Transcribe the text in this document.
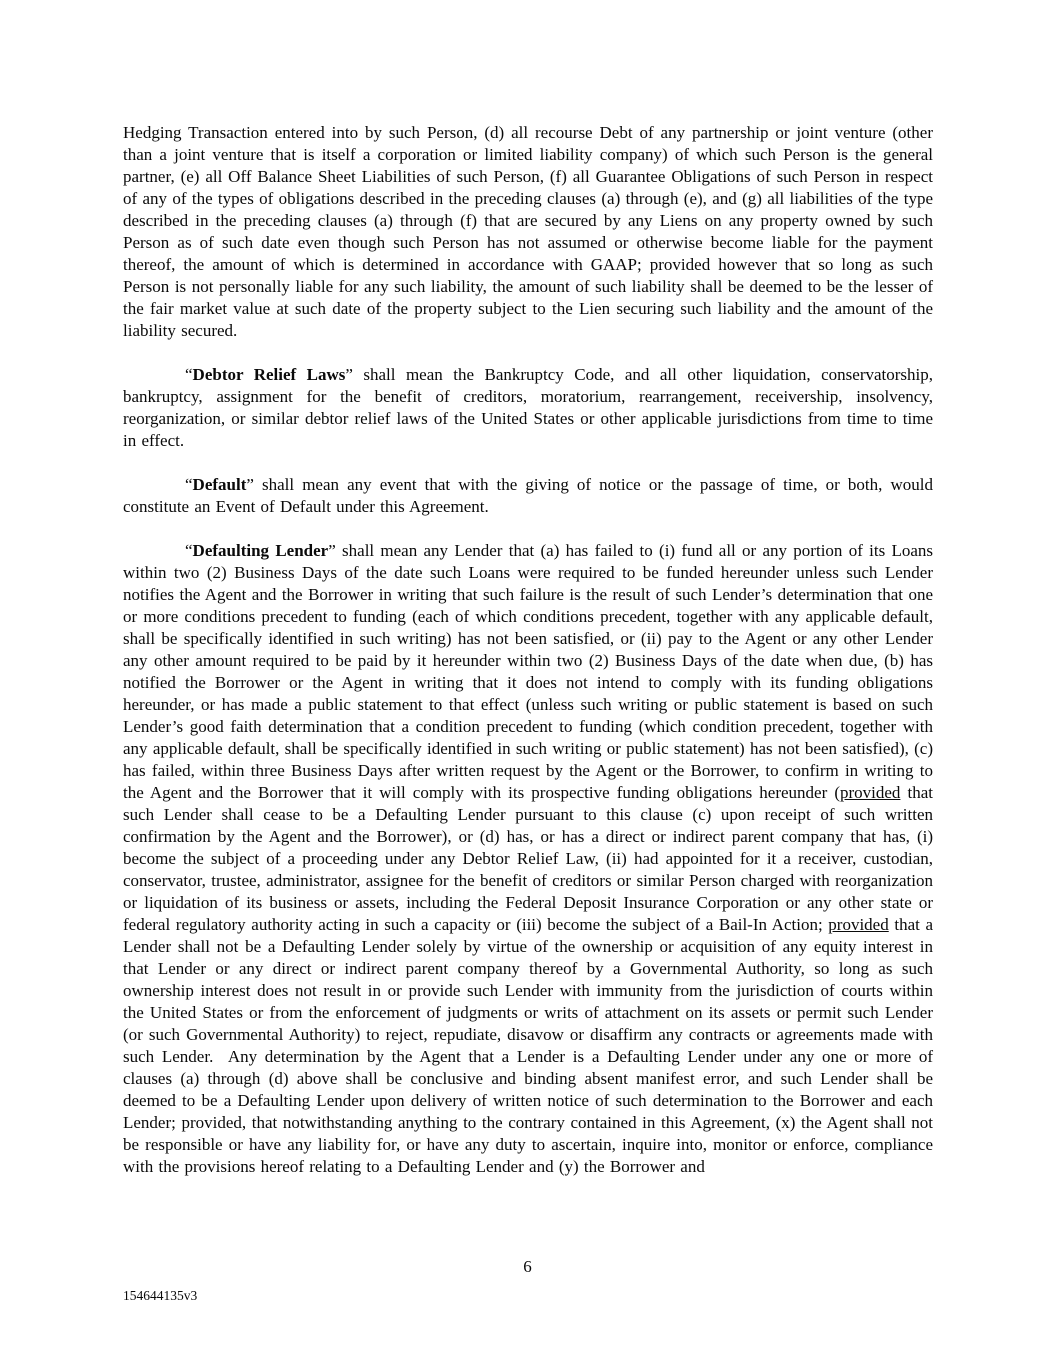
Hedging Transaction entered into by such Person, (d) all recourse Debt of any partnership or joint venture (other than a joint venture that is itself a corporation or limited liability company) of which such Person is the general partner, (e) all Off Balance Sheet Liabilities of such Person, (f) all Guarantee Obligations of such Person in respect of any of the types of obligations described in the preceding clauses (a) through (e), and (g) all liabilities of the type described in the preceding clauses (a) through (f) that are secured by any Liens on any property owned by such Person as of such date even though such Person has not assumed or otherwise become liable for the payment thereof, the amount of which is determined in accordance with GAAP; provided however that so long as such Person is not personally liable for any such liability, the amount of such liability shall be deemed to be the lesser of the fair market value at such date of the property subject to the Lien securing such liability and the amount of the liability secured.

“Debtor Relief Laws” shall mean the Bankruptcy Code, and all other liquidation, conservatorship, bankruptcy, assignment for the benefit of creditors, moratorium, rearrangement, receivership, insolvency, reorganization, or similar debtor relief laws of the United States or other applicable jurisdictions from time to time in effect.

“Default” shall mean any event that with the giving of notice or the passage of time, or both, would constitute an Event of Default under this Agreement.

“Defaulting Lender” shall mean any Lender that (a) has failed to (i) fund all or any portion of its Loans within two (2) Business Days of the date such Loans were required to be funded hereunder unless such Lender notifies the Agent and the Borrower in writing that such failure is the result of such Lender’s determination that one or more conditions precedent to funding (each of which conditions precedent, together with any applicable default, shall be specifically identified in such writing) has not been satisfied, or (ii) pay to the Agent or any other Lender any other amount required to be paid by it hereunder within two (2) Business Days of the date when due, (b) has notified the Borrower or the Agent in writing that it does not intend to comply with its funding obligations hereunder, or has made a public statement to that effect (unless such writing or public statement is based on such Lender’s good faith determination that a condition precedent to funding (which condition precedent, together with any applicable default, shall be specifically identified in such writing or public statement) has not been satisfied), (c) has failed, within three Business Days after written request by the Agent or the Borrower, to confirm in writing to the Agent and the Borrower that it will comply with its prospective funding obligations hereunder (provided that such Lender shall cease to be a Defaulting Lender pursuant to this clause (c) upon receipt of such written confirmation by the Agent and the Borrower), or (d) has, or has a direct or indirect parent company that has, (i) become the subject of a proceeding under any Debtor Relief Law, (ii) had appointed for it a receiver, custodian, conservator, trustee, administrator, assignee for the benefit of creditors or similar Person charged with reorganization or liquidation of its business or assets, including the Federal Deposit Insurance Corporation or any other state or federal regulatory authority acting in such a capacity or (iii) become the subject of a Bail-In Action; provided that a Lender shall not be a Defaulting Lender solely by virtue of the ownership or acquisition of any equity interest in that Lender or any direct or indirect parent company thereof by a Governmental Authority, so long as such ownership interest does not result in or provide such Lender with immunity from the jurisdiction of courts within the United States or from the enforcement of judgments or writs of attachment on its assets or permit such Lender (or such Governmental Authority) to reject, repudiate, disavow or disaffirm any contracts or agreements made with such Lender.  Any determination by the Agent that a Lender is a Defaulting Lender under any one or more of clauses (a) through (d) above shall be conclusive and binding absent manifest error, and such Lender shall be deemed to be a Defaulting Lender upon delivery of written notice of such determination to the Borrower and each Lender; provided, that notwithstanding anything to the contrary contained in this Agreement, (x) the Agent shall not be responsible or have any liability for, or have any duty to ascertain, inquire into, monitor or enforce, compliance with the provisions hereof relating to a Defaulting Lender and (y) the Borrower and

6
154644135v3
